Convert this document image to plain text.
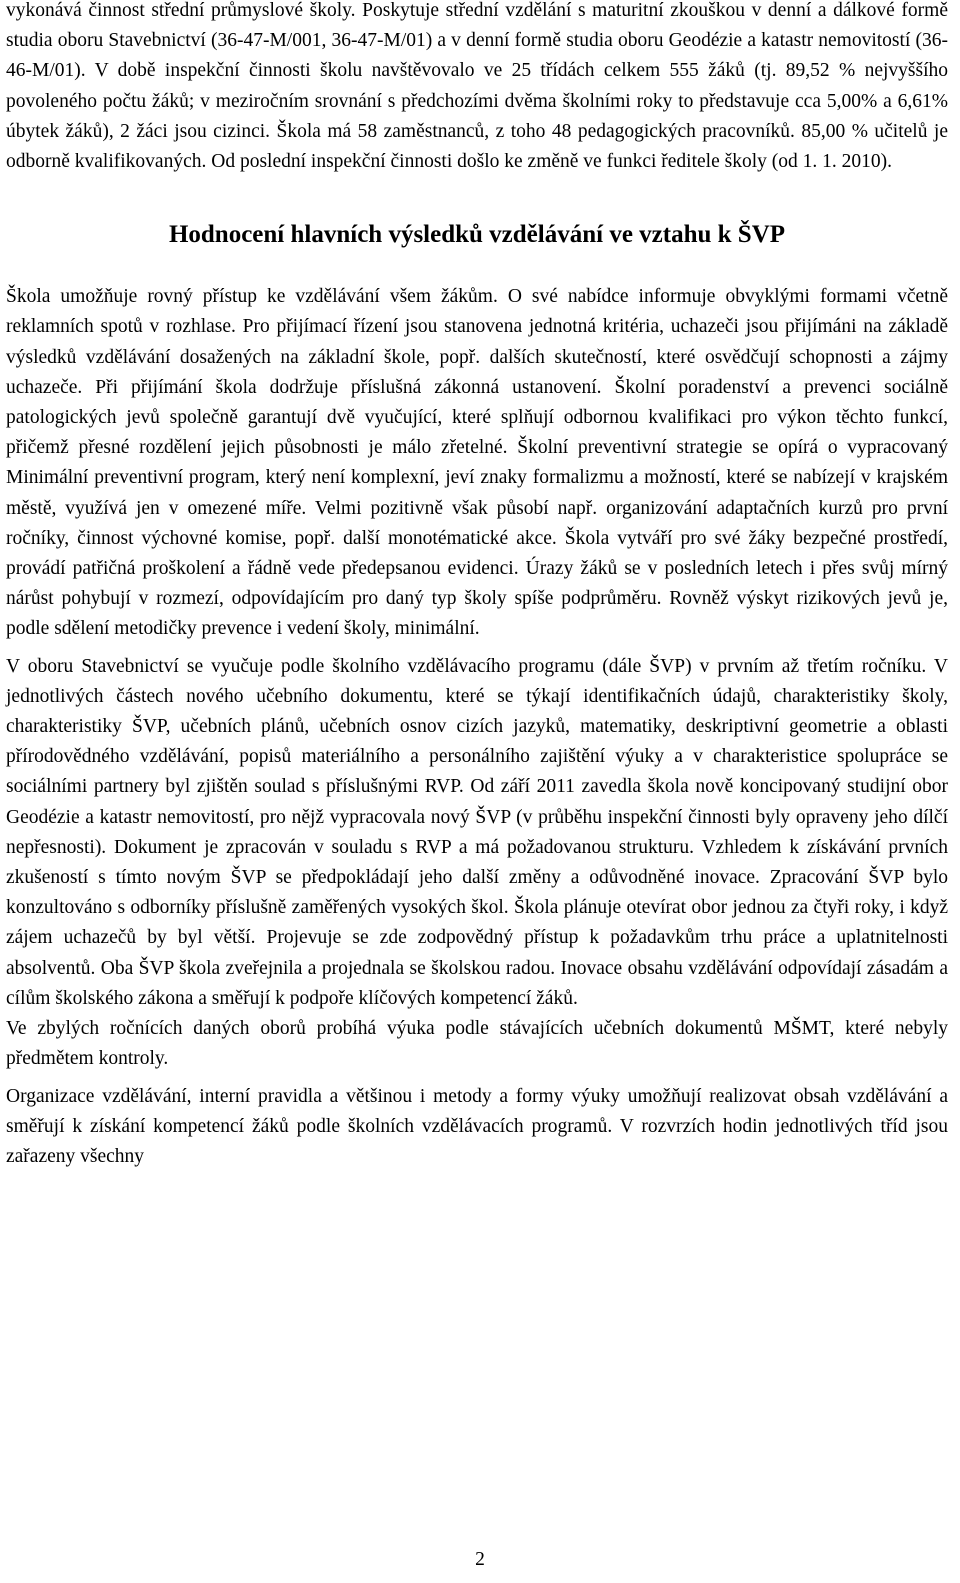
vykonává činnost střední průmyslové školy. Poskytuje střední vzdělání s maturitní zkouškou v denní a dálkové formě studia oboru Stavebnictví (36-47-M/001, 36-47-M/01) a v denní formě studia oboru Geodézie a katastr nemovitostí (36-46-M/01). V době inspekční činnosti školu navštěvovalo ve 25 třídách celkem 555 žáků (tj. 89,52 % nejvyššího povoleného počtu žáků; v meziročním srovnání s předchozími dvěma školními roky to představuje cca 5,00% a 6,61% úbytek žáků), 2 žáci jsou cizinci. Škola má 58 zaměstnanců, z toho 48 pedagogických pracovníků. 85,00 % učitelů je odborně kvalifikovaných. Od poslední inspekční činnosti došlo ke změně ve funkci ředitele školy (od 1. 1. 2010).

Hodnocení hlavních výsledků vzdělávání ve vztahu k ŠVP

Škola umožňuje rovný přístup ke vzdělávání všem žákům. O své nabídce informuje obvyklými formami včetně reklamních spotů v rozhlase. Pro přijímací řízení jsou stanovena jednotná kritéria, uchazeči jsou přijímáni na základě výsledků vzdělávání dosažených na základní škole, popř. dalších skutečností, které osvědčují schopnosti a zájmy uchazeče. Při přijímání škola dodržuje příslušná zákonná ustanovení. Školní poradenství a prevenci sociálně patologických jevů společně garantují dvě vyučující, které splňují odbornou kvalifikaci pro výkon těchto funkcí, přičemž přesné rozdělení jejich působnosti je málo zřetelné. Školní preventivní strategie se opírá o vypracovaný Minimální preventivní program, který není komplexní, jeví znaky formalizmu a možností, které se nabízejí v krajském městě, využívá jen v omezené míře. Velmi pozitivně však působí např. organizování adaptačních kurzů pro první ročníky, činnost výchovné komise, popř. další monotématické akce. Škola vytváří pro své žáky bezpečné prostředí, provádí patřičná proškolení a řádně vede předepsanou evidenci. Úrazy žáků se v posledních letech i přes svůj mírný nárůst pohybují v rozmezí, odpovídajícím pro daný typ školy spíše podprůměru. Rovněž výskyt rizikových jevů je, podle sdělení metodičky prevence i vedení školy, minimální.

V oboru Stavebnictví se vyučuje podle školního vzdělávacího programu (dále ŠVP) v prvním až třetím ročníku. V jednotlivých částech nového učebního dokumentu, které se týkají identifikačních údajů, charakteristiky školy, charakteristiky ŠVP, učebních plánů, učebních osnov cizích jazyků, matematiky, deskriptivní geometrie a oblasti přírodovědného vzdělávání, popisů materiálního a personálního zajištění výuky a v charakteristice spolupráce se sociálními partnery byl zjištěn soulad s příslušnými RVP. Od září 2011 zavedla škola nově koncipovaný studijní obor Geodézie a katastr nemovitostí, pro nějž vypracovala nový ŠVP (v průběhu inspekční činnosti byly opraveny jeho dílčí nepřesnosti). Dokument je zpracován v souladu s RVP a má požadovanou strukturu. Vzhledem k získávání prvních zkušeností s tímto novým ŠVP se předpokládají jeho další změny a odůvodněné inovace. Zpracování ŠVP bylo konzultováno s odborníky příslušně zaměřených vysokých škol. Škola plánuje otevírat obor jednou za čtyři roky, i když zájem uchazečů by byl větší. Projevuje se zde zodpovědný přístup k požadavkům trhu práce a uplatnitelnosti absolventů. Oba ŠVP škola zveřejnila a projednala se školskou radou. Inovace obsahu vzdělávání odpovídají zásadám a cílům školského zákona a směřují k podpoře klíčových kompetencí žáků.

Ve zbylých ročnících daných oborů probíhá výuka podle stávajících učebních dokumentů MŠMT, které nebyly předmětem kontroly.

Organizace vzdělávání, interní pravidla a většinou i metody a formy výuky umožňují realizovat obsah vzdělávání a směřují k získání kompetencí žáků podle školních vzdělávacích programů. V rozvrzích hodin jednotlivých tříd jsou zařazeny všechny

2
